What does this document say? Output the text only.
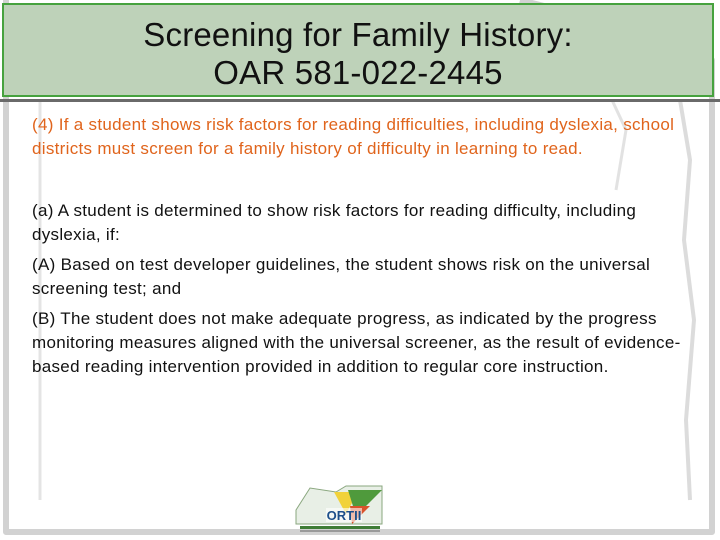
Screening for Family History:
OAR 581-022-2445

(4) If a student shows risk factors for reading difficulties, including dyslexia, school districts must screen for a family history of difficulty in learning to read.

(a) A student is determined to show risk factors for reading difficulty, including dyslexia, if:

(A) Based on test developer guidelines, the student shows risk on the universal screening test; and

(B) The student does not make adequate progress, as indicated by the progress monitoring measures aligned with the universal screener, as the result of evidence-based reading intervention provided in addition to regular core instruction.

ORTII
